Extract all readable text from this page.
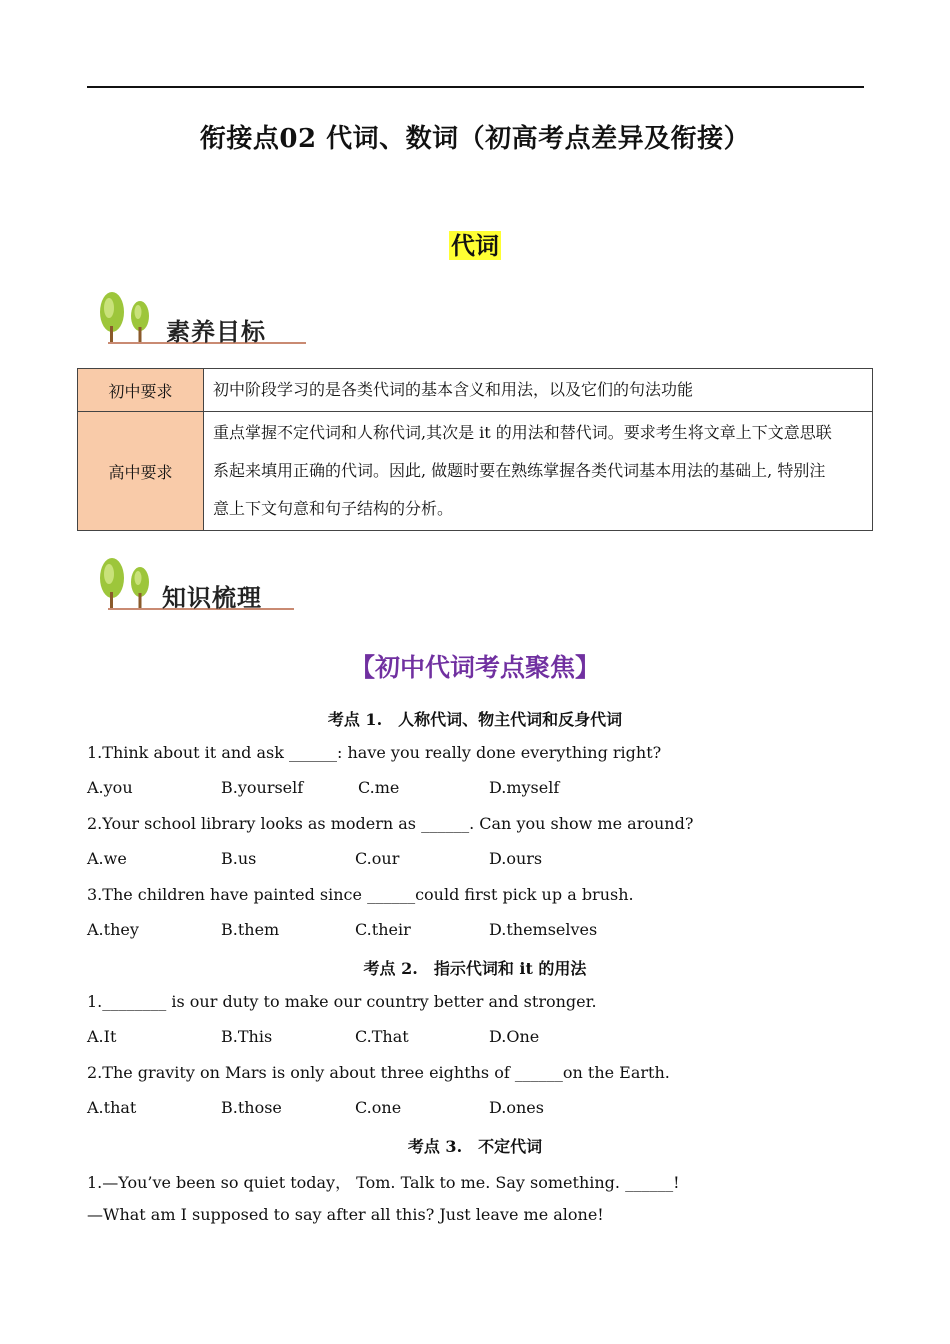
衔接点02 代词、数词（初高考点差异及衔接）
代词
素养目标
初中要求	初中阶段学习的是各类代词的基本含义和用法，以及它们的句法功能
高中要求	重点掌握不定代词和人称代词,其次是 it 的用法和替代词。要求考生将文章上下文意思联
系起来填用正确的代词。因此, 做题时要在熟练掌握各类代词基本用法的基础上, 特别注
意上下文句意和句子结构的分析。
知识梳理
【初中代词考点聚焦】
考点 1.　人称代词、物主代词和反身代词
1.Think about it and ask ______: have you really done everything right?
A.you	B.yourself	C.me	D.myself
2.Your school library looks as modern as ______. Can you show me around?
A.we	B.us	C.our	D.ours
3.The children have painted since ______could first pick up a brush.
A.they	B.them	C.their	D.themselves
考点 2.　指示代词和 it 的用法
1.________ is our duty to make our country better and stronger.
A.It	B.This	C.That	D.One
2.The gravity on Mars is only about three eighths of ______on the Earth.
A.that	B.those	C.one	D.ones
考点 3.　不定代词
1.—You’ve been so quiet today， Tom. Talk to me. Say something. ______!
—What am I supposed to say after all this? Just leave me alone!
